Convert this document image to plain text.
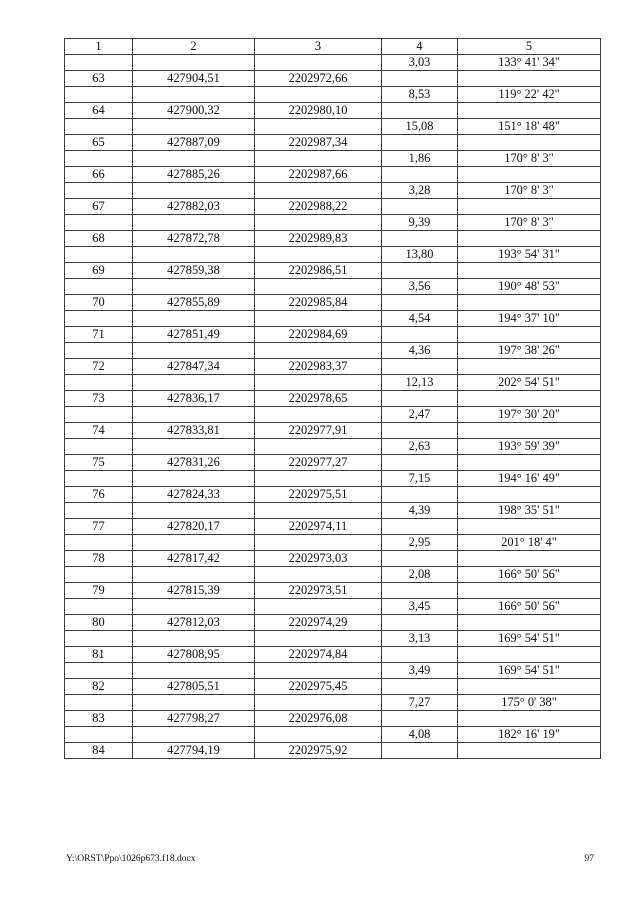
1	2	3	4	5
			3,03	133° 41' 34"
63	427904,51	2202972,66		
			8,53	119° 22' 42"
64	427900,32	2202980,10		
			15,08	151° 18' 48"
65	427887,09	2202987,34		
			1,86	170° 8' 3"
66	427885,26	2202987,66		
			3,28	170° 8' 3"
67	427882,03	2202988,22		
			9,39	170° 8' 3"
68	427872,78	2202989,83		
			13,80	193° 54' 31"
69	427859,38	2202986,51		
			3,56	190° 48' 53"
70	427855,89	2202985,84		
			4,54	194° 37' 10"
71	427851,49	2202984,69		
			4,36	197° 38' 26"
72	427847,34	2202983,37		
			12,13	202° 54' 51"
73	427836,17	2202978,65		
			2,47	197° 30' 20"
74	427833,81	2202977,91		
			2,63	193° 59' 39"
75	427831,26	2202977,27		
			7,15	194° 16' 49"
76	427824,33	2202975,51		
			4,39	198° 35' 51"
77	427820,17	2202974,11		
			2,95	201° 18' 4"
78	427817,42	2202973,03		
			2,08	166° 50' 56"
79	427815,39	2202973,51		
			3,45	166° 50' 56"
80	427812,03	2202974,29		
			3,13	169° 54' 51"
81	427808,95	2202974,84		
			3,49	169° 54' 51"
82	427805,51	2202975,45		
			7,27	175° 0' 38"
83	427798,27	2202976,08		
			4,08	182° 16' 19"
84	427794,19	2202975,92		
Y:\ORST\Ppo\1026p673.f18.docx	97
